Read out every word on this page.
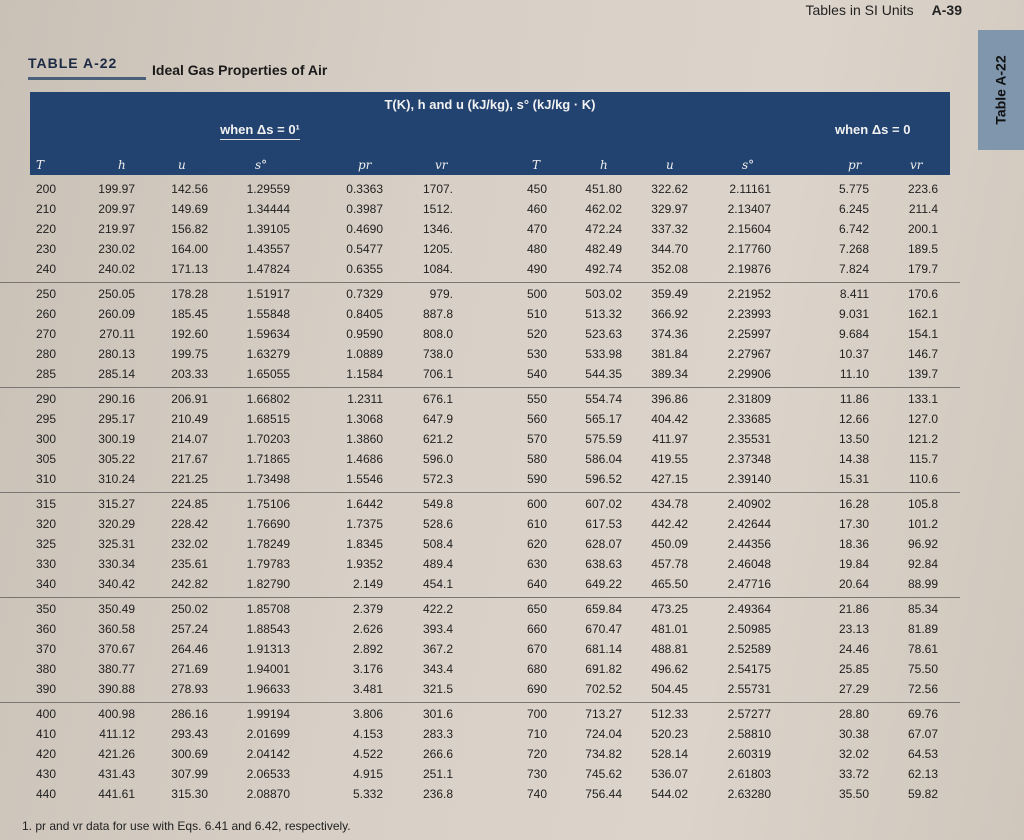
Tables in SI Units A-39
Table A-22
TABLE A-22	Ideal Gas Properties of Air
T(K), h and u (kJ/kg), s° (kJ/kg · K)
when Δs = 0¹	when Δs = 0
T	h	u	s°	pr	vr	T	h	u	s°	pr	vr
200	199.97	142.56	1.29559	0.3363	1707.	450	451.80	322.62	2.11161	5.775	223.6
210	209.97	149.69	1.34444	0.3987	1512.	460	462.02	329.97	2.13407	6.245	211.4
220	219.97	156.82	1.39105	0.4690	1346.	470	472.24	337.32	2.15604	6.742	200.1
230	230.02	164.00	1.43557	0.5477	1205.	480	482.49	344.70	2.17760	7.268	189.5
240	240.02	171.13	1.47824	0.6355	1084.	490	492.74	352.08	2.19876	7.824	179.7
250	250.05	178.28	1.51917	0.7329	979.	500	503.02	359.49	2.21952	8.411	170.6
260	260.09	185.45	1.55848	0.8405	887.8	510	513.32	366.92	2.23993	9.031	162.1
270	270.11	192.60	1.59634	0.9590	808.0	520	523.63	374.36	2.25997	9.684	154.1
280	280.13	199.75	1.63279	1.0889	738.0	530	533.98	381.84	2.27967	10.37	146.7
285	285.14	203.33	1.65055	1.1584	706.1	540	544.35	389.34	2.29906	11.10	139.7
290	290.16	206.91	1.66802	1.2311	676.1	550	554.74	396.86	2.31809	11.86	133.1
295	295.17	210.49	1.68515	1.3068	647.9	560	565.17	404.42	2.33685	12.66	127.0
300	300.19	214.07	1.70203	1.3860	621.2	570	575.59	411.97	2.35531	13.50	121.2
305	305.22	217.67	1.71865	1.4686	596.0	580	586.04	419.55	2.37348	14.38	115.7
310	310.24	221.25	1.73498	1.5546	572.3	590	596.52	427.15	2.39140	15.31	110.6
315	315.27	224.85	1.75106	1.6442	549.8	600	607.02	434.78	2.40902	16.28	105.8
320	320.29	228.42	1.76690	1.7375	528.6	610	617.53	442.42	2.42644	17.30	101.2
325	325.31	232.02	1.78249	1.8345	508.4	620	628.07	450.09	2.44356	18.36	96.92
330	330.34	235.61	1.79783	1.9352	489.4	630	638.63	457.78	2.46048	19.84	92.84
340	340.42	242.82	1.82790	2.149	454.1	640	649.22	465.50	2.47716	20.64	88.99
350	350.49	250.02	1.85708	2.379	422.2	650	659.84	473.25	2.49364	21.86	85.34
360	360.58	257.24	1.88543	2.626	393.4	660	670.47	481.01	2.50985	23.13	81.89
370	370.67	264.46	1.91313	2.892	367.2	670	681.14	488.81	2.52589	24.46	78.61
380	380.77	271.69	1.94001	3.176	343.4	680	691.82	496.62	2.54175	25.85	75.50
390	390.88	278.93	1.96633	3.481	321.5	690	702.52	504.45	2.55731	27.29	72.56
400	400.98	286.16	1.99194	3.806	301.6	700	713.27	512.33	2.57277	28.80	69.76
410	411.12	293.43	2.01699	4.153	283.3	710	724.04	520.23	2.58810	30.38	67.07
420	421.26	300.69	2.04142	4.522	266.6	720	734.82	528.14	2.60319	32.02	64.53
430	431.43	307.99	2.06533	4.915	251.1	730	745.62	536.07	2.61803	33.72	62.13
440	441.61	315.30	2.08870	5.332	236.8	740	756.44	544.02	2.63280	35.50	59.82
1. pr and vr data for use with Eqs. 6.41 and 6.42, respectively.
